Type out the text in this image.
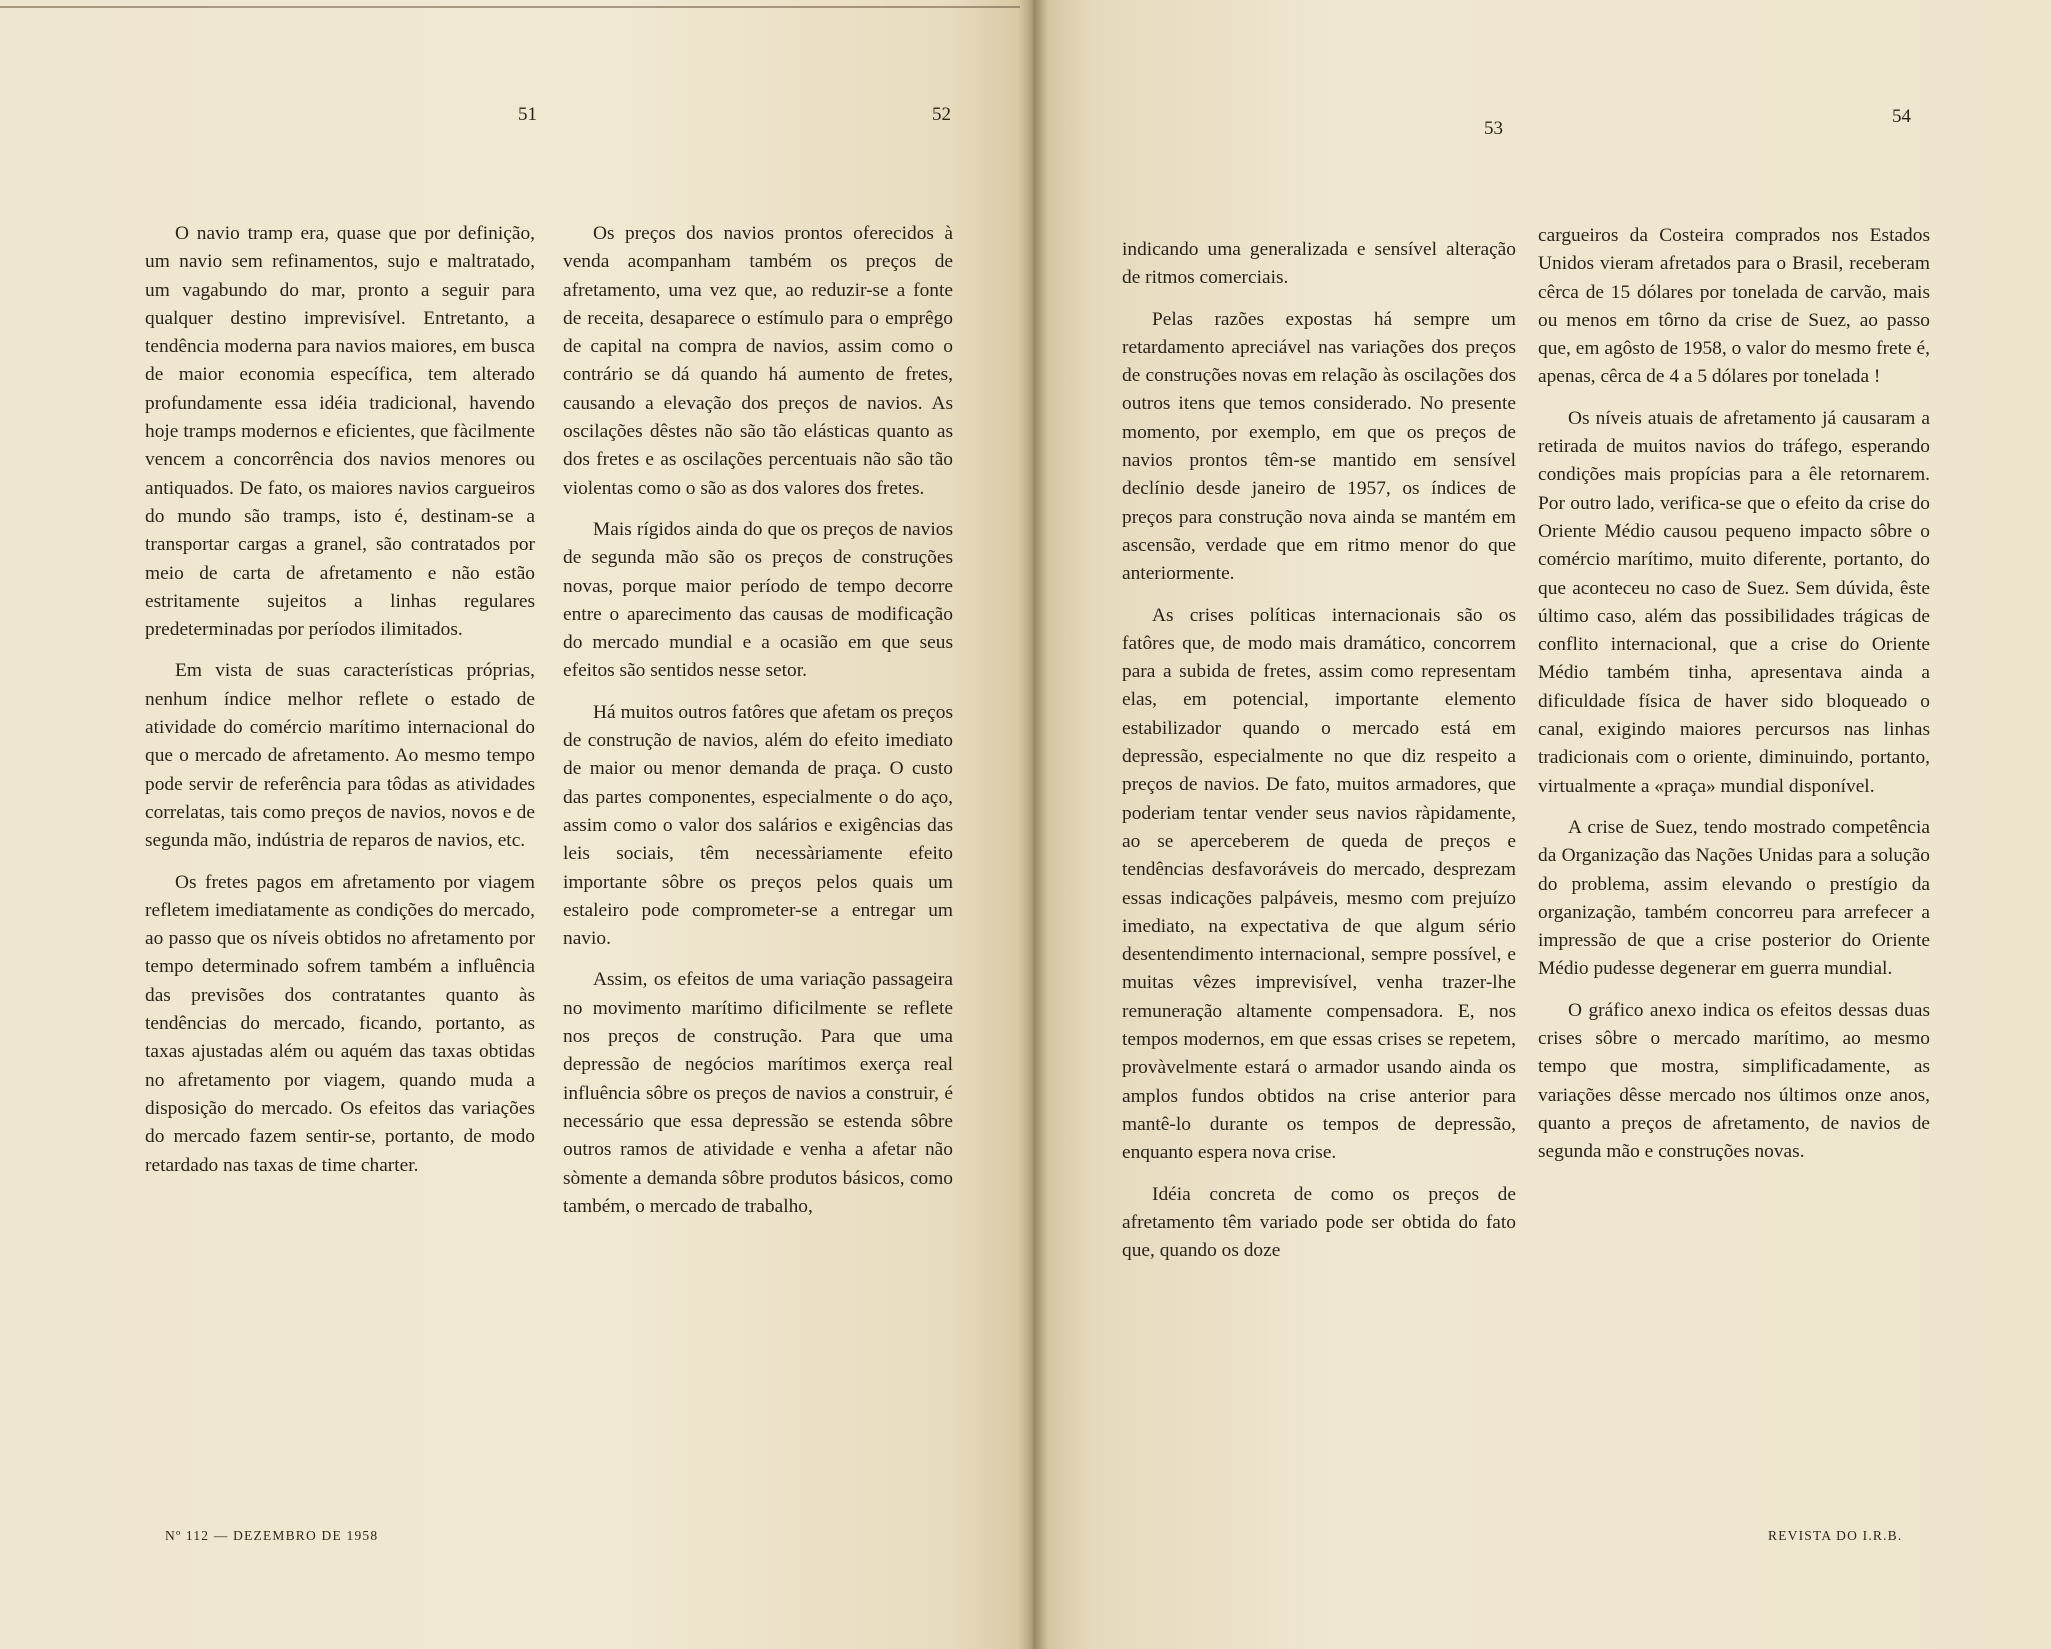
51	52
53
54

O navio tramp era, quase que por definição, um navio sem refinamentos, sujo e maltratado, um vagabundo do mar, pronto a seguir para qualquer destino imprevisível. Entretanto, a tendência moderna para navios maiores, em busca de maior economia específica, tem alterado profundamente essa idéia tradicional, havendo hoje tramps modernos e eficientes, que fàcilmente vencem a concorrência dos navios menores ou antiquados. De fato, os maiores navios cargueiros do mundo são tramps, isto é, destinam-se a transportar cargas a granel, são contratados por meio de carta de afretamento e não estão estritamente sujeitos a linhas regulares predeterminadas por períodos ilimitados.

Em vista de suas características próprias, nenhum índice melhor reflete o estado de atividade do comércio marítimo internacional do que o mercado de afretamento. Ao mesmo tempo pode servir de referência para tôdas as atividades correlatas, tais como preços de navios, novos e de segunda mão, indústria de reparos de navios, etc.

Os fretes pagos em afretamento por viagem refletem imediatamente as condições do mercado, ao passo que os níveis obtidos no afretamento por tempo determinado sofrem também a influência das previsões dos contratantes quanto às tendências do mercado, ficando, portanto, as taxas ajustadas além ou aquém das taxas obtidas no afretamento por viagem, quando muda a disposição do mercado. Os efeitos das variações do mercado fazem sentir-se, portanto, de modo retardado nas taxas de time charter.

Os preços dos navios prontos oferecidos à venda acompanham também os preços de afretamento, uma vez que, ao reduzir-se a fonte de receita, desaparece o estímulo para o emprêgo de capital na compra de navios, assim como o contrário se dá quando há aumento de fretes, causando a elevação dos preços de navios. As oscilações dêstes não são tão elásticas quanto as dos fretes e as oscilações percentuais não são tão violentas como o são as dos valores dos fretes.

Mais rígidos ainda do que os preços de navios de segunda mão são os preços de construções novas, porque maior período de tempo decorre entre o aparecimento das causas de modificação do mercado mundial e a ocasião em que seus efeitos são sentidos nesse setor.

Há muitos outros fatôres que afetam os preços de construção de navios, além do efeito imediato de maior ou menor demanda de praça. O custo das partes componentes, especialmente o do aço, assim como o valor dos salários e exigências das leis sociais, têm necessàriamente efeito importante sôbre os preços pelos quais um estaleiro pode comprometer-se a entregar um navio.

Assim, os efeitos de uma variação passageira no movimento marítimo dificilmente se reflete nos preços de construção. Para que uma depressão de negócios marítimos exerça real influência sôbre os preços de navios a construir, é necessário que essa depressão se estenda sôbre outros ramos de atividade e venha a afetar não sòmente a demanda sôbre produtos básicos, como também, o mercado de trabalho,

indicando uma generalizada e sensível alteração de ritmos comerciais.

Pelas razões expostas há sempre um retardamento apreciável nas variações dos preços de construções novas em relação às oscilações dos outros itens que temos considerado. No presente momento, por exemplo, em que os preços de navios prontos têm-se mantido em sensível declínio desde janeiro de 1957, os índices de preços para construção nova ainda se mantém em ascensão, verdade que em ritmo menor do que anteriormente.

As crises políticas internacionais são os fatôres que, de modo mais dramático, concorrem para a subida de fretes, assim como representam elas, em potencial, importante elemento estabilizador quando o mercado está em depressão, especialmente no que diz respeito a preços de navios. De fato, muitos armadores, que poderiam tentar vender seus navios ràpidamente, ao se aperceberem de queda de preços e tendências desfavoráveis do mercado, desprezam essas indicações palpáveis, mesmo com prejuízo imediato, na expectativa de que algum sério desentendimento internacional, sempre possível, e muitas vêzes imprevisível, venha trazer-lhe remuneração altamente compensadora. E, nos tempos modernos, em que essas crises se repetem, provàvelmente estará o armador usando ainda os amplos fundos obtidos na crise anterior para mantê-lo durante os tempos de depressão, enquanto espera nova crise.

Idéia concreta de como os preços de afretamento têm variado pode ser obtida do fato que, quando os doze

cargueiros da Costeira comprados nos Estados Unidos vieram afretados para o Brasil, receberam cêrca de 15 dólares por tonelada de carvão, mais ou menos em tôrno da crise de Suez, ao passo que, em agôsto de 1958, o valor do mesmo frete é, apenas, cêrca de 4 a 5 dólares por tonelada !

Os níveis atuais de afretamento já causaram a retirada de muitos navios do tráfego, esperando condições mais propícias para a êle retornarem. Por outro lado, verifica-se que o efeito da crise do Oriente Médio causou pequeno impacto sôbre o comércio marítimo, muito diferente, portanto, do que aconteceu no caso de Suez. Sem dúvida, êste último caso, além das possibilidades trágicas de conflito internacional, que a crise do Oriente Médio também tinha, apresentava ainda a dificuldade física de haver sido bloqueado o canal, exigindo maiores percursos nas linhas tradicionais com o oriente, diminuindo, portanto, virtualmente a «praça» mundial disponível.

A crise de Suez, tendo mostrado competência da Organização das Nações Unidas para a solução do problema, assim elevando o prestígio da organização, também concorreu para arrefecer a impressão de que a crise posterior do Oriente Médio pudesse degenerar em guerra mundial.

O gráfico anexo indica os efeitos dessas duas crises sôbre o mercado marítimo, ao mesmo tempo que mostra, simplificadamente, as variações dêsse mercado nos últimos onze anos, quanto a preços de afretamento, de navios de segunda mão e construções novas.

Nº 112 — DEZEMBRO DE 1958	REVISTA DO I.R.B.
